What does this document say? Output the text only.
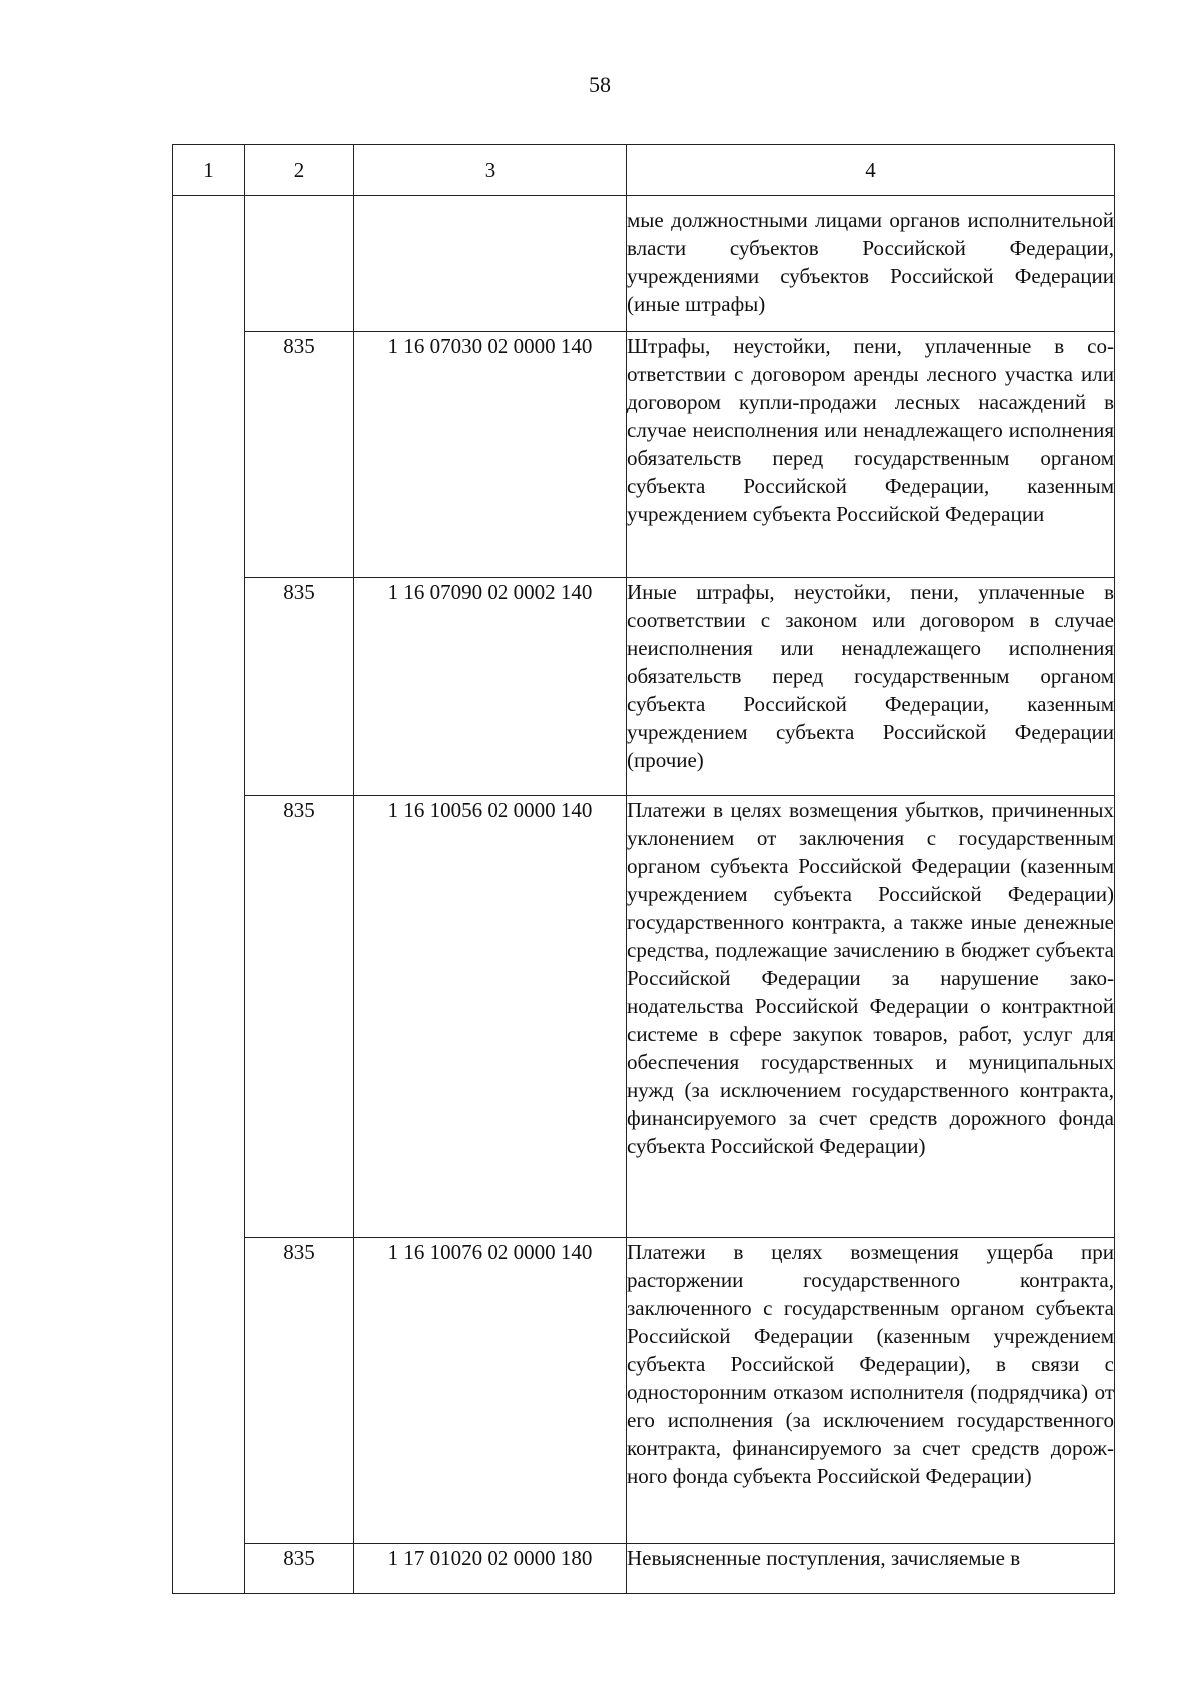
58
1	2	3	4
			мые должностными лицами органов исполнительной власти субъектов Российской Федерации, учреждениями субъектов Российской Федерации (иные штрафы)
	835	1 16 07030 02 0000 140	Штрафы, неустойки, пени, уплаченные в соответствии с договором аренды лесного участка или договором купли-продажи лесных насаждений в случае неисполнения или ненадлежащего исполнения обязательств перед государственным органом субъекта Российской Федерации, казенным учреждением субъекта Российской Федерации
	835	1 16 07090 02 0002 140	Иные штрафы, неустойки, пени, уплаченные в соответствии с законом или договором в случае неисполнения или ненадлежащего исполнения обязательств перед государственным органом субъекта Российской Федерации, казенным учреждением субъекта Российской Федерации (прочие)
	835	1 16 10056 02 0000 140	Платежи в целях возмещения убытков, причиненных уклонением от заключения с государственным органом субъекта Российской Федерации (казенным учреждением субъекта Российской Федерации) государственного контракта, а также иные денежные средства, подлежащие зачислению в бюджет субъекта Российской Федерации за нарушение законодательства Российской Федерации о контрактной системе в сфере закупок товаров, работ, услуг для обеспечения государственных и муниципальных нужд (за исключением государственного контракта, финансируемого за счет средств дорожного фонда субъекта Российской Федерации)
	835	1 16 10076 02 0000 140	Платежи в целях возмещения ущерба при расторжении государственного контракта, заключенного с государственным органом субъекта Российской Федерации (казенным учреждением субъекта Российской Федерации), в связи с односторонним отказом исполнителя (подрядчика) от его исполнения (за исключением государственного контракта, финансируемого за счет средств дорожного фонда субъекта Российской Федерации)
	835	1 17 01020 02 0000 180	Невыясненные поступления, зачисляемые в
